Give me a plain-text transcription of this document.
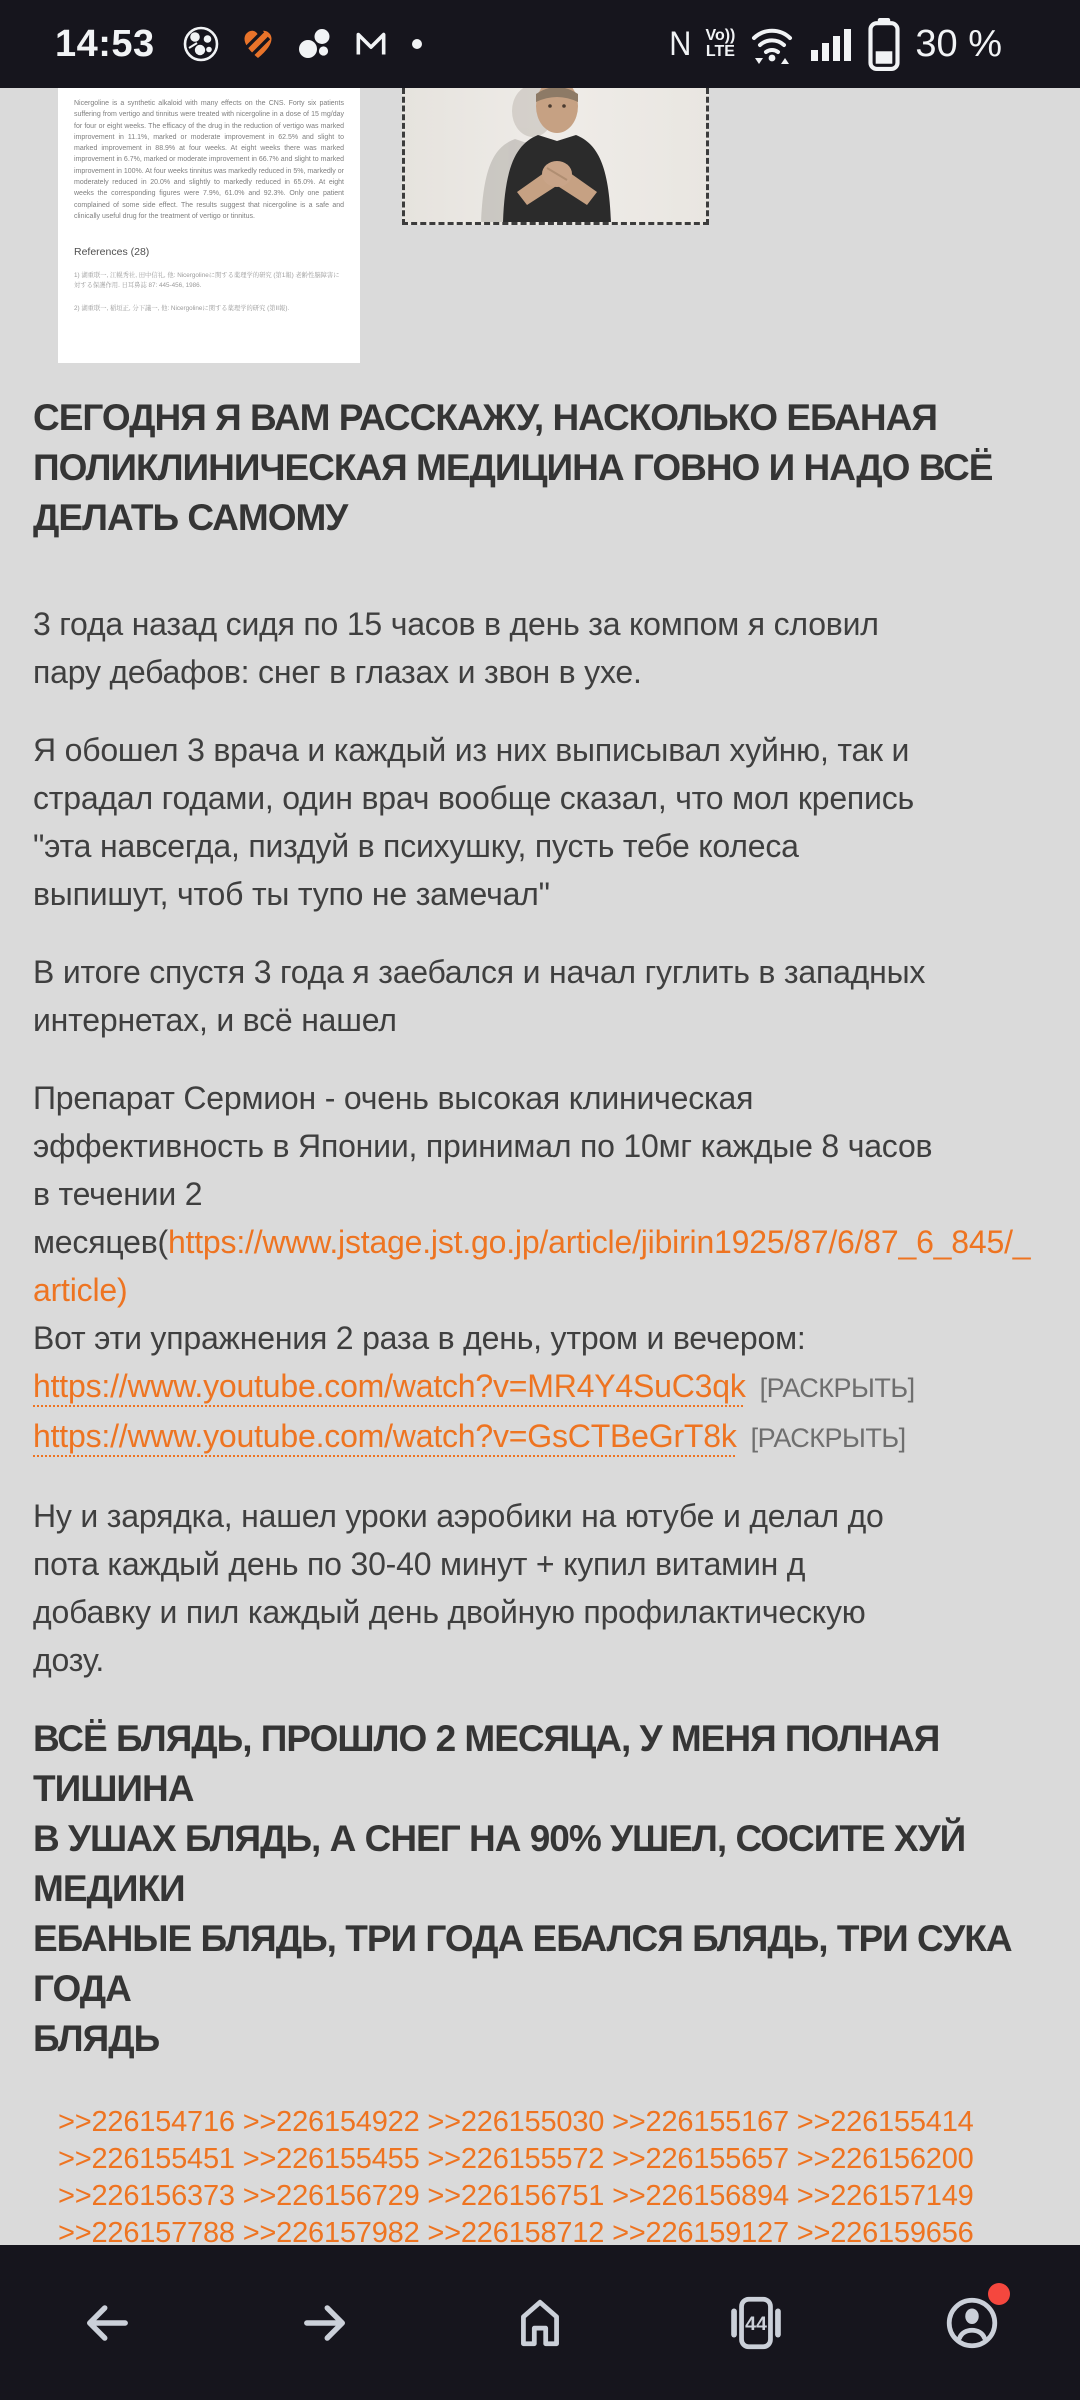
14:53	N Vo))
LTE	30 %
Nicergoline is a synthetic alkaloid with many effects on the CNS. Forty six patients suffering from vertigo and tinnitus were treated with nicergoline in a dose of 15 mg/day for four or eight weeks. The efficacy of the drug in the reduction of vertigo was marked improvement in 11.1%, marked or moderate improvement in 62.5% and slight to marked improvement in 88.9% at four weeks. At eight weeks there was marked improvement in 6.7%, marked or moderate improvement in 66.7% and slight to marked improvement in 100%. At four weeks tinnitus was markedly reduced in 5%, markedly or moderately reduced in 20.0% and slightly to markedly reduced in 65.0%. At eight weeks the corresponding figures were 7.9%, 61.0% and 92.3%. Only one patient complained of some side effect. The results suggest that nicergoline is a safe and clinically useful drug for the treatment of vertigo or tinnitus.
References (28)
1) 湖重联一, 江幌秀社, 田中信礼, 他: Nicergolineに関する薬理学的研究 (第1報) 老齢性脳障害に対する保護作用. 日耳鼻誌 87: 445-456, 1986.
2) 湖重联一, 稲垣正, 分下議一, 他: Nicergolineに関する薬理学的研究 (第II報).
СЕГОДНЯ Я ВАМ РАССКАЖУ, НАСКОЛЬКО ЕБАНАЯ
ПОЛИКЛИНИЧЕСКАЯ МЕДИЦИНА ГОВНО И НАДО ВСЁ
ДЕЛАТЬ САМОМУ

3 года назад сидя по 15 часов в день за компом я словил
пару дебафов: снег в глазах и звон в ухе.

Я обошел 3 врача и каждый из них выписывал хуйню, так и
страдал годами, один врач вообще сказал, что мол крепись
"эта навсегда, пиздуй в психушку, пусть тебе колеса
выпишут, чтоб ты тупо не замечал"

В итоге спустя 3 года я заебался и начал гуглить в западных
интернетах, и всё нашел

Препарат Сермион - очень высокая клиническая
эффективность в Японии, принимал по 10мг каждые 8 часов
в течении 2
месяцев(https://www.jstage.jst.go.jp/article/jibirin1925/87/6/87_6_845/_article)
Вот эти упражнения 2 раза в день, утром и вечером:
https://www.youtube.com/watch?v=MR4Y4SuC3qk [РАСКРЫТЬ]
https://www.youtube.com/watch?v=GsCTBeGrT8k [РАСКРЫТЬ]

Ну и зарядка, нашел уроки аэробики на ютубе и делал до
пота каждый день по 30-40 минут + купил витамин д
добавку и пил каждый день двойную профилактическую
дозу.

ВСЁ БЛЯДЬ, ПРОШЛО 2 МЕСЯЦА, У МЕНЯ ПОЛНАЯ ТИШИНА
В УШАХ БЛЯДЬ, А СНЕГ НА 90% УШЕЛ, СОСИТЕ ХУЙ МЕДИКИ
ЕБАНЫЕ БЛЯДЬ, ТРИ ГОДА ЕБАЛСЯ БЛЯДЬ, ТРИ СУКА ГОДА
БЛЯДЬ
>>226154716 >>226154922 >>226155030 >>226155167 >>226155414 >>226155451 >>226155455 >>226155572 >>226155657 >>226156200 >>226156373 >>226156729 >>226156751 >>226156894 >>226157149 >>226157788 >>226157982 >>226158712 >>226159127 >>226159656
44
